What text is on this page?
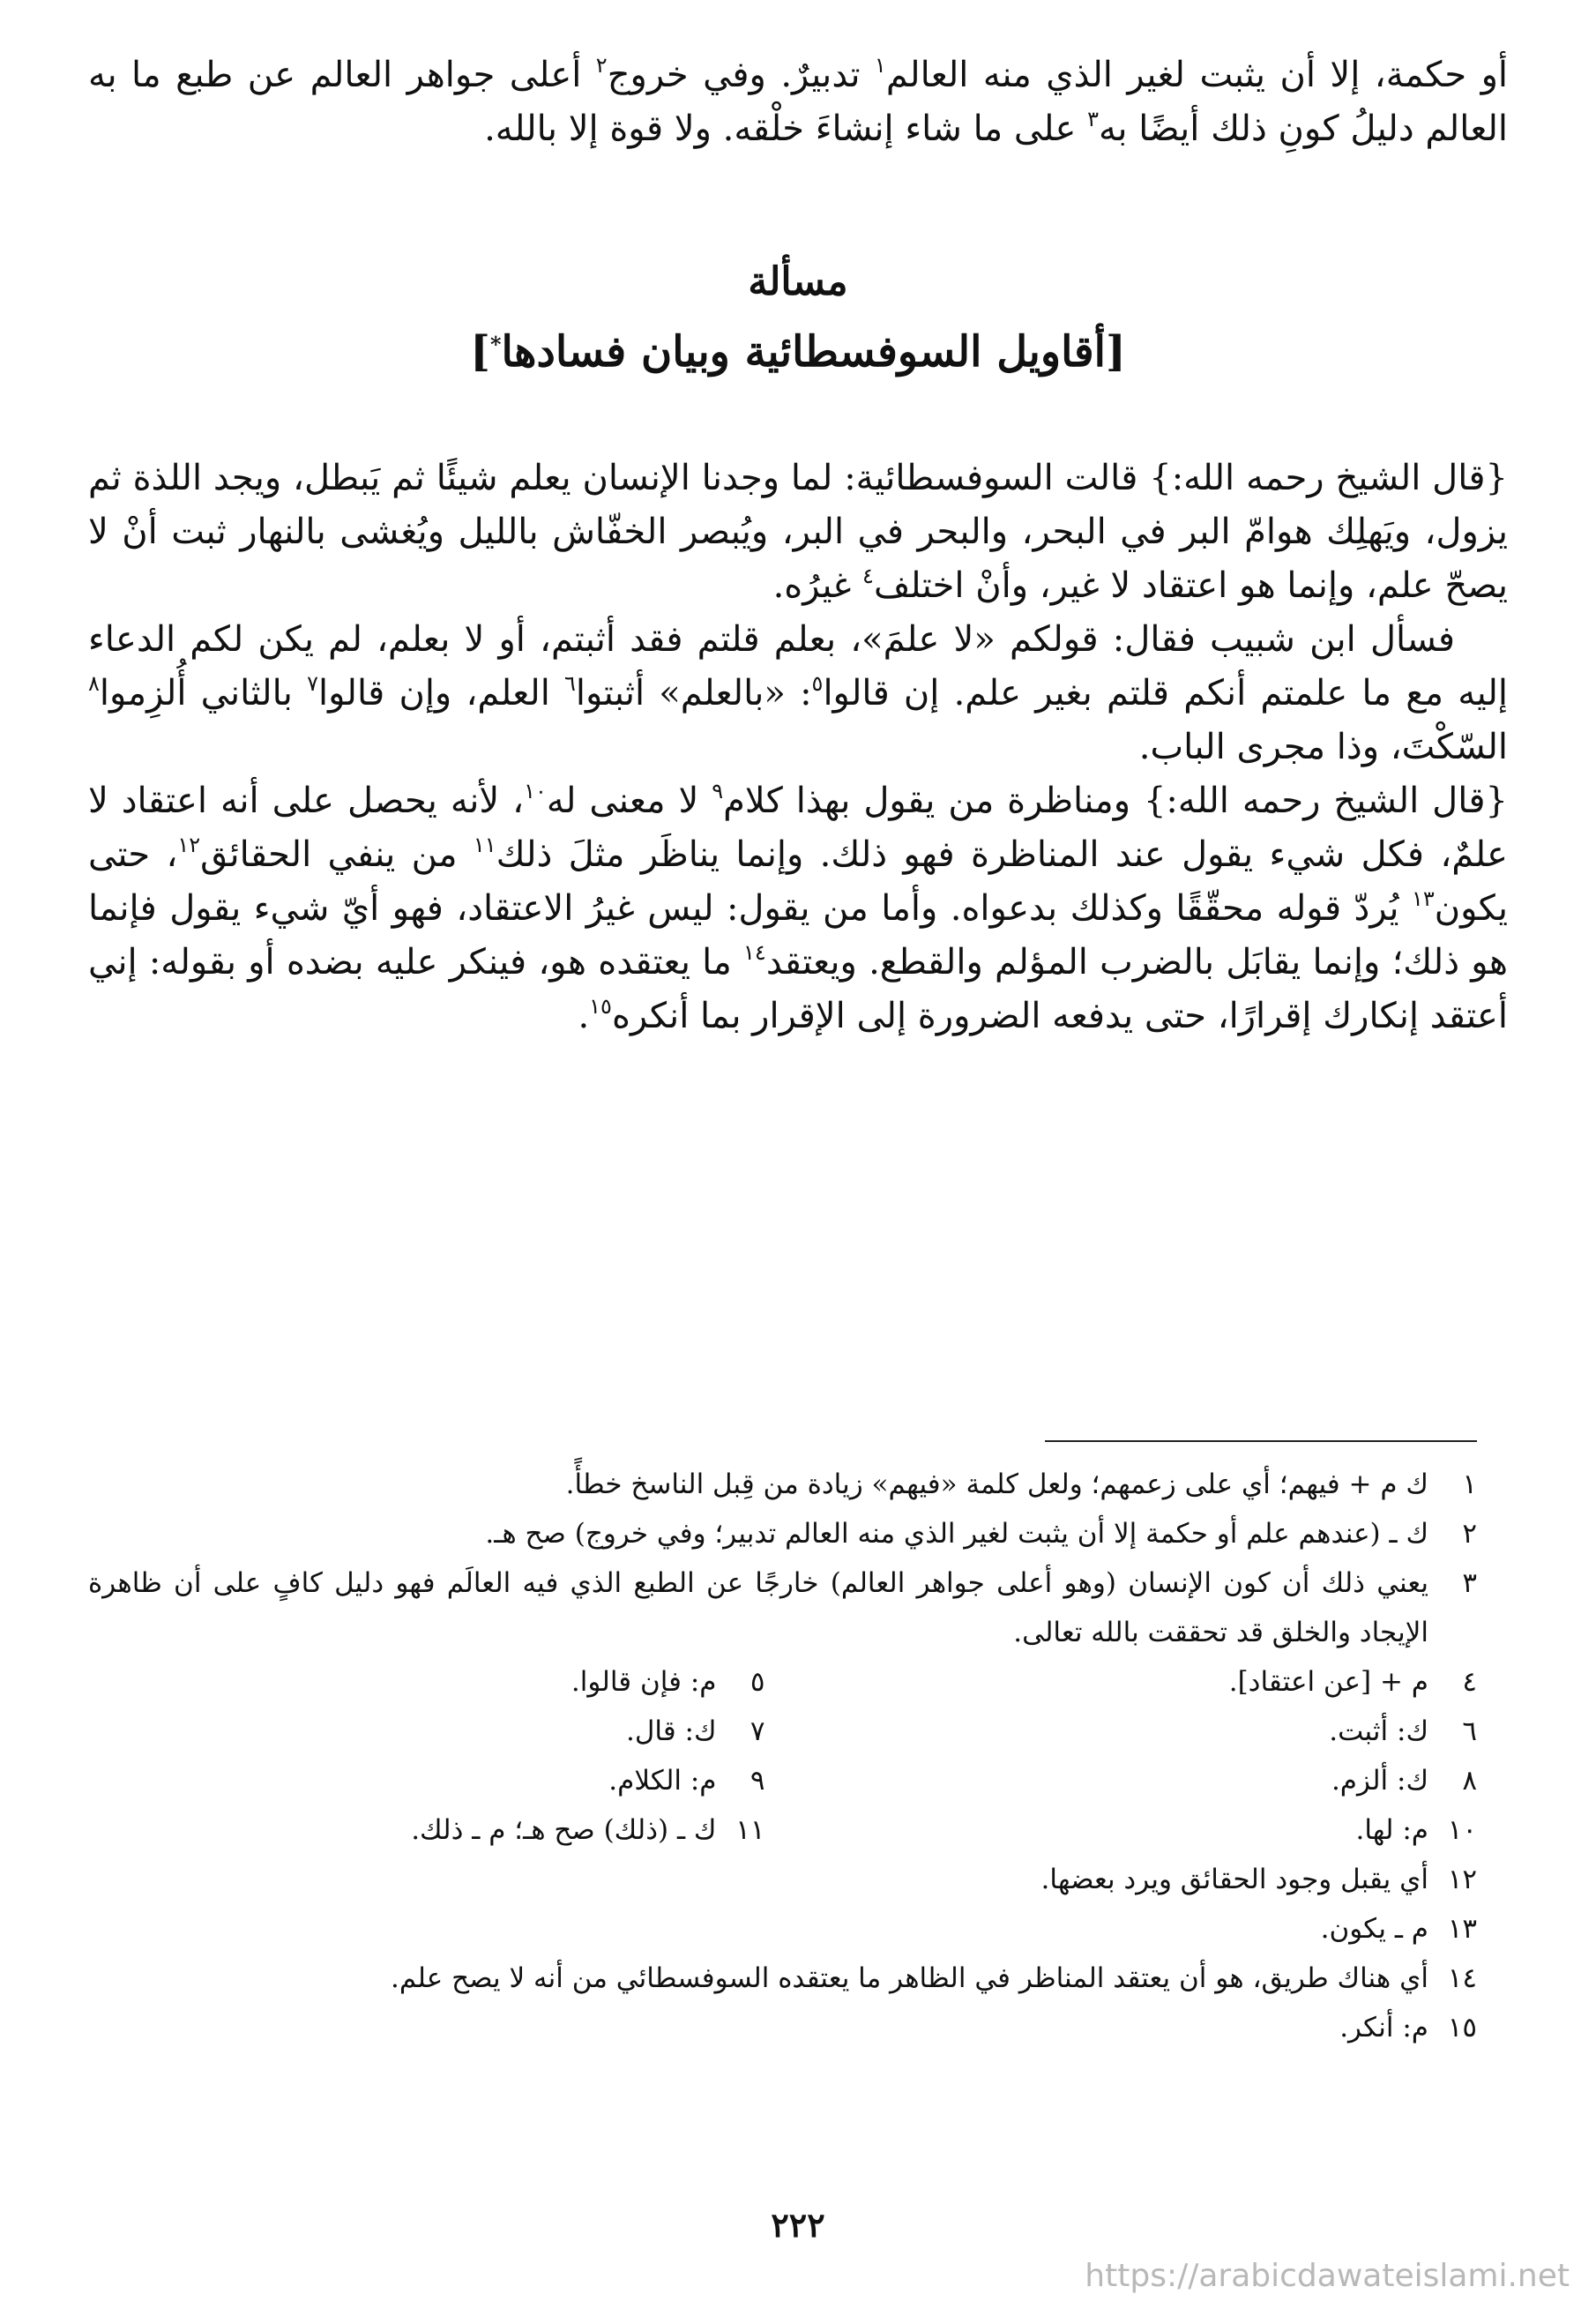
أو حكمة، إلا أن يثبت لغير الذي منه العالم$^١$ تدبيرٌ. وفي خروج$^٢$ أعلى جواهر العالم عن طبع ما به العالم دليلُ كونِ ذلك أيضًا به$^٣$ على ما شاء إنشاءَ خلْقه. ولا قوة إلا بالله.

مسألة
[أقاويل السوفسطائية وبيان فسادها*]

{قال الشيخ رحمه الله:} قالت السوفسطائية: لما وجدنا الإنسان يعلم شيئًا ثم يَبطل، ويجد اللذة ثم يزول، ويَهلِك هوامّ البر في البحر، والبحر في البر، ويُبصر الخفّاش بالليل ويُغشى بالنهار ثبت أنْ لا يصحّ علم، وإنما هو اعتقاد لا غير، وأنْ اختلف$^٤$ غيرُه.

فسأل ابن شبيب فقال: قولكم «لا علمَ»، بعلم قلتم فقد أثبتم، أو لا بعلم، لم يكن لكم الدعاء إليه مع ما علمتم أنكم قلتم بغير علم. إن قالوا$^٥$: «بالعلم» أثبتوا$^٦$ العلم، وإن قالوا$^٧$ بالثاني أُلزِموا$^٨$ السّكْتَ، وذا مجرى الباب.

{قال الشيخ رحمه الله:} ومناظرة من يقول بهذا كلام$^٩$ لا معنى له$^{١٠}$، لأنه يحصل على أنه اعتقاد لا علمٌ، فكل شيء يقول عند المناظرة فهو ذلك. وإنما يناظَر مثلَ ذلك$^{١١}$ من ينفي الحقائق$^{١٢}$، حتى يكون$^{١٣}$ يُردّ قوله محقّقًا وكذلك بدعواه. وأما من يقول: ليس غيرُ الاعتقاد، فهو أيّ شيء يقول فإنما هو ذلك؛ وإنما يقابَل بالضرب المؤلم والقطع. ويعتقد$^{١٤}$ ما يعتقده هو، فينكر عليه بضده أو بقوله: إني أعتقد إنكارك إقرارًا، حتى يدفعه الضرورة إلى الإقرار بما أنكره$^{١٥}$.

١
ك م + فيهم؛ أي على زعمهم؛ ولعل كلمة «فيهم» زيادة من قِبل الناسخ خطأً.
٢
ك ـ (عندهم علم أو حكمة إلا أن يثبت لغير الذي منه العالم تدبير؛ وفي خروج) صح هـ.
٣
يعني ذلك أن كون الإنسان (وهو أعلى جواهر العالم) خارجًا عن الطبع الذي فيه العالَم فهو دليل كافٍ على أن ظاهرة الإيجاد والخلق قد تحققت بالله تعالى.
٤
م + [عن اعتقاد].
٥
م: فإن قالوا.
٦
ك: أثبت.
٧
ك: قال.
٨
ك: ألزم.
٩
م: الكلام.
١٠
م: لها.
١١
ك ـ (ذلك) صح هـ؛ م ـ ذلك.
١٢
أي يقبل وجود الحقائق ويرد بعضها.
١٣
م ـ يكون.
١٤
أي هناك طريق، هو أن يعتقد المناظر في الظاهر ما يعتقده السوفسطائي من أنه لا يصح علم.
١٥
م: أنكر.
٢٢٢
https://arabicdawateislami.net
